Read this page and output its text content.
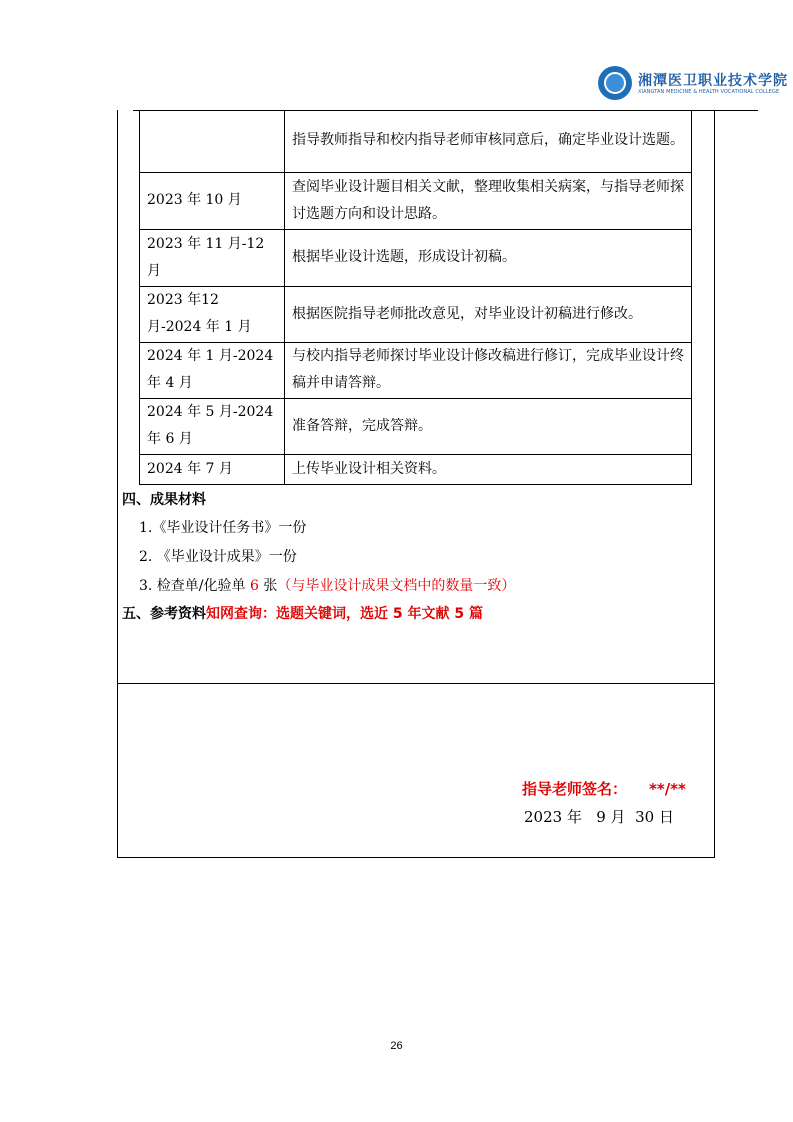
湘潭医卫职业技术学院
XIANGTAN MEDICINE & HEALTH VOCATIONAL COLLEGE
	指导教师指导和校内指导老师审核同意后，确定毕业设计选题。
2023 年 10 月	查阅毕业设计题目相关文献，整理收集相关病案，与指导老师探讨选题方向和设计思路。
2023 年 11 月-12 月	根据毕业设计选题，形成设计初稿。
2023 年12 月-2024 年 1 月	根据医院指导老师批改意见，对毕业设计初稿进行修改。
2024 年 1 月-2024 年 4 月	与校内指导老师探讨毕业设计修改稿进行修订，完成毕业设计终稿并申请答辩。
2024 年 5 月-2024 年 6 月	准备答辩，完成答辩。
2024 年 7 月	上传毕业设计相关资料。
四、成果材料
1.《毕业设计任务书》一份
2. 《毕业设计成果》一份
3. 检查单/化验单 6 张（与毕业设计成果文档中的数量一致）
五、参考资料知网查询：选题关键词，选近 5 年文献 5 篇
指导老师签名： **/**
2023 年   9 月  30 日
26
